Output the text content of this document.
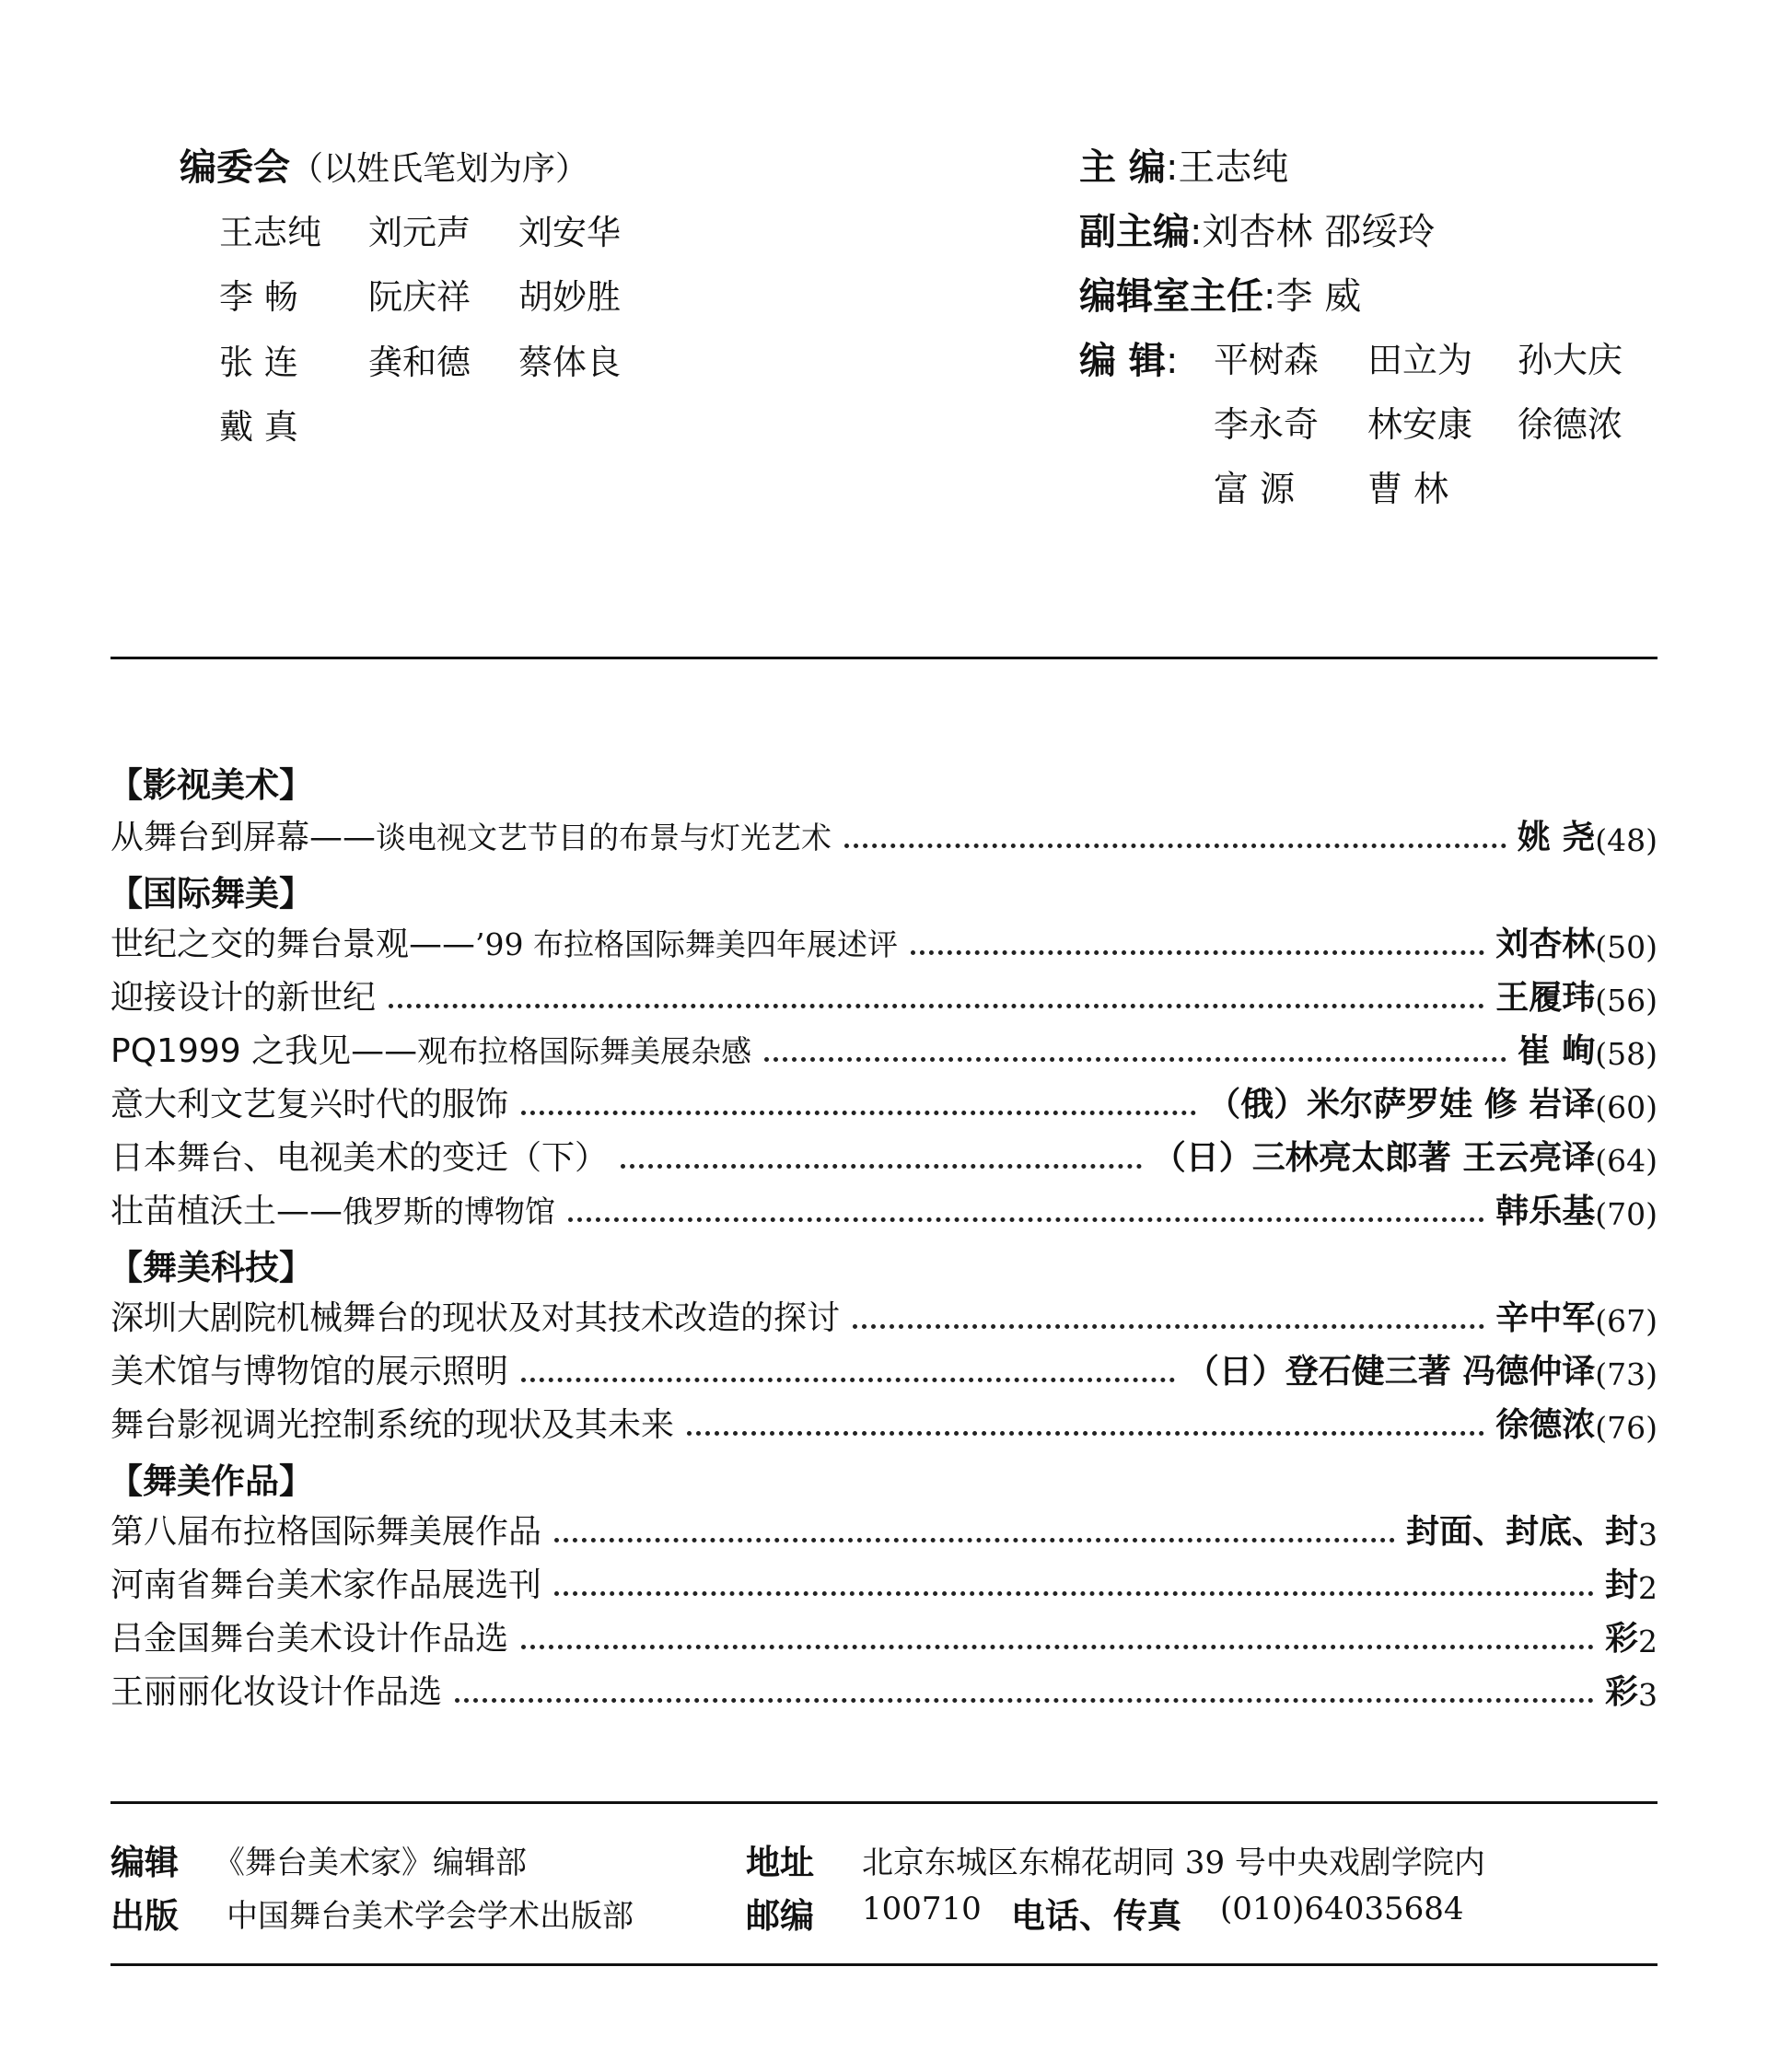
编委会（以姓氏笔划为序）
王志纯 刘元声 刘安华
李 畅 阮庆祥 胡妙胜
张 连 龚和德 蔡体良
戴 真
主 编:王志纯
副主编:刘杏林 邵绥玲
编辑室主任:李 威
编 辑: 平树森 田立为 孙大庆
李永奇 林安康 徐德浓
富 源 曹 林
【影视美术】
从舞台到屏幕——谈电视文艺节目的布景与灯光艺术	姚 尧 (48)
【国际舞美】
世纪之交的舞台景观——’99 布拉格国际舞美四年展述评	刘杏林 (50)
迎接设计的新世纪	王履玮 (56)
PQ1999 之我见——观布拉格国际舞美展杂感	崔 峋 (58)
意大利文艺复兴时代的服饰	（俄）米尔萨罗娃 修 岩译 (60)
日本舞台、电视美术的变迁（下）	（日）三林亮太郎著 王云亮译 (64)
壮苗植沃土——俄罗斯的博物馆	韩乐基 (70)
【舞美科技】
深圳大剧院机械舞台的现状及对其技术改造的探讨	辛中军 (67)
美术馆与博物馆的展示照明	（日）登石健三著 冯德仲译 (73)
舞台影视调光控制系统的现状及其未来	徐德浓 (76)
【舞美作品】
第八届布拉格国际舞美展作品	封面、封底、封 3
河南省舞台美术家作品展选刊	封 2
吕金国舞台美术设计作品选	彩 2
王丽丽化妆设计作品选	彩 3
编辑 《舞台美术家》编辑部	地址 北京东城区东棉花胡同 39 号中央戏剧学院内
出版 中国舞台美术学会学术出版部	邮编 100710 电话、传真 (010)64035684
